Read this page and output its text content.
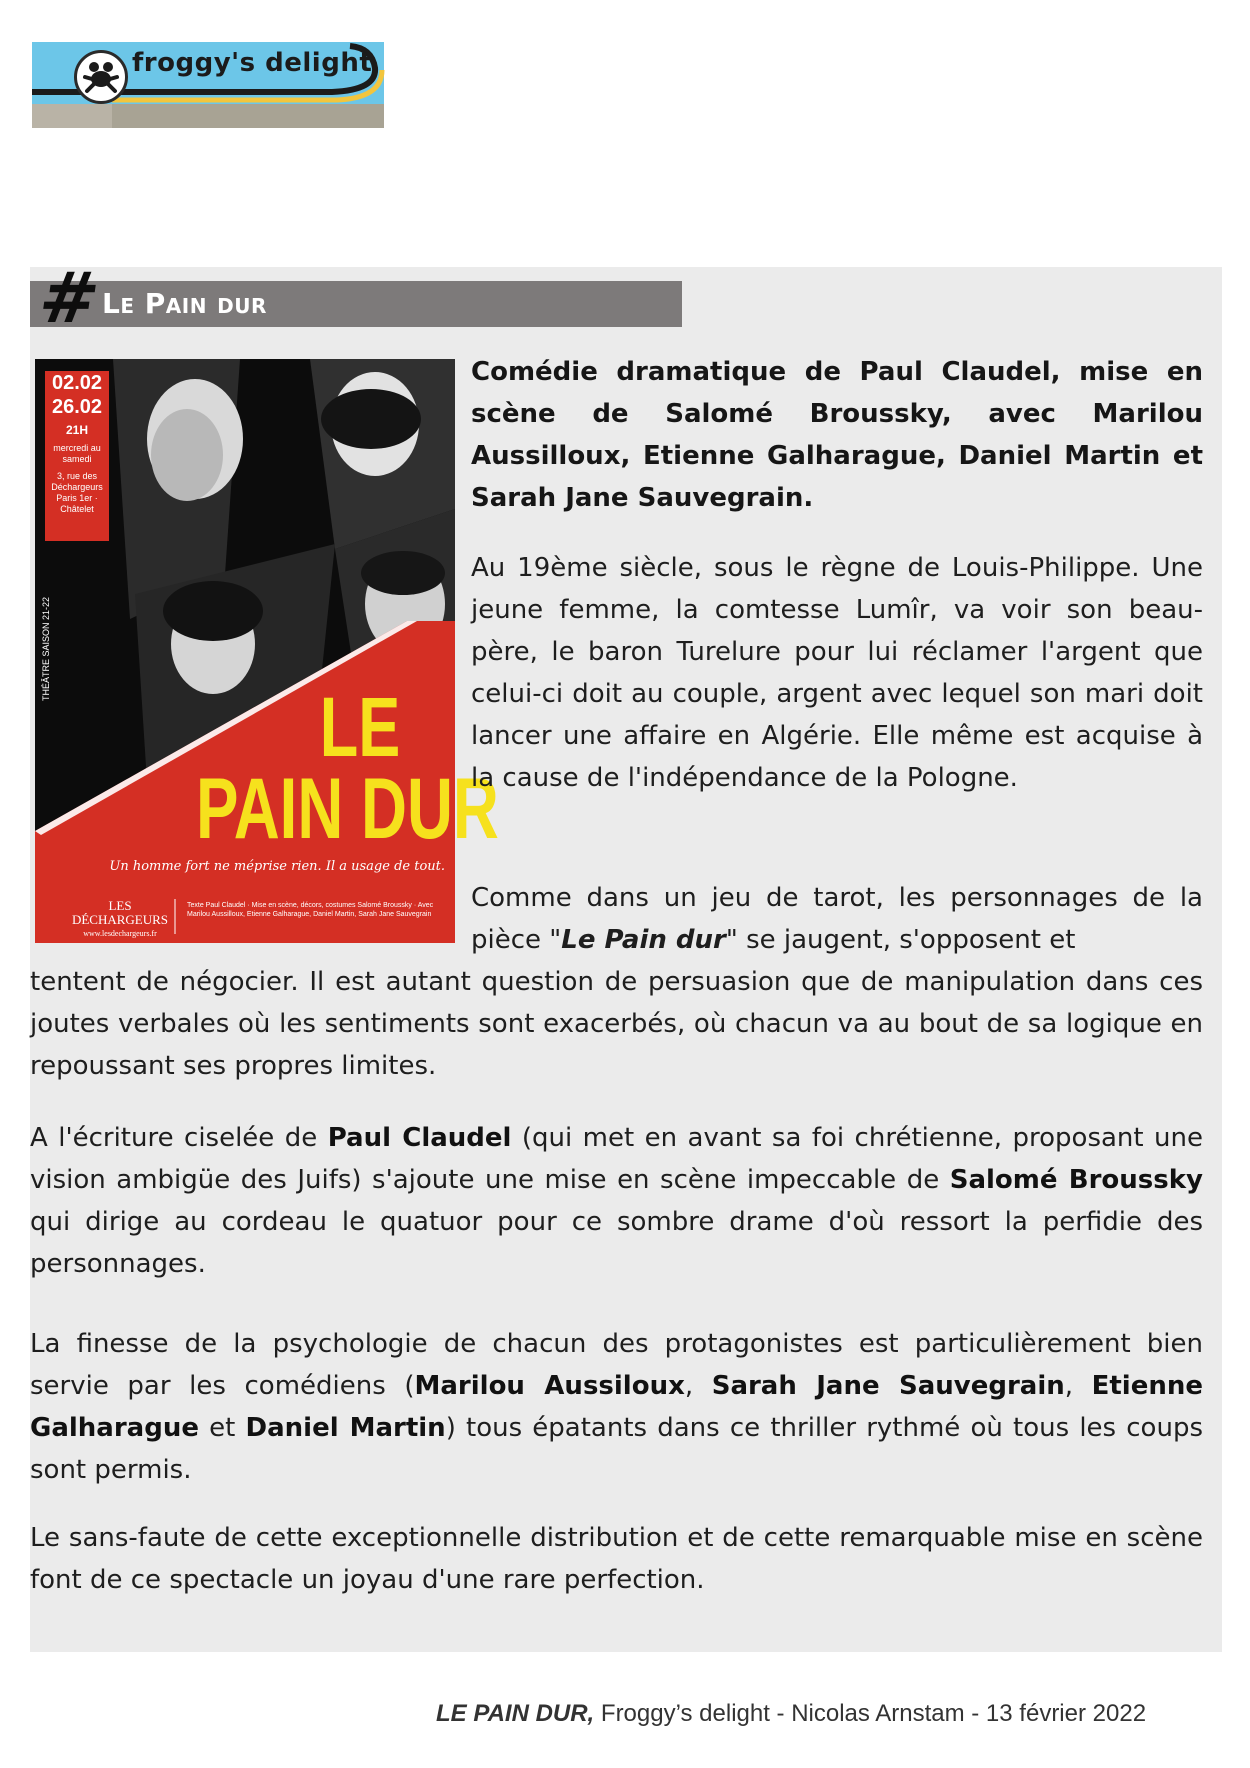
froggy's delight
Le Pain dur
#
02.02
26.02
21H
mercredi au samedi
3, rue des Déchargeurs Paris 1er · Châtelet
THÉÂTRE SAISON 21-22
LE
PAIN DUR
Un homme fort ne méprise rien. Il a usage de tout.
LES DÉCHARGEURS
www.lesdechargeurs.fr
Texte Paul Claudel · Mise en scène, décors, costumes Salomé Broussky · Avec Marilou Aussilloux, Etienne Galharague, Daniel Martin, Sarah Jane Sauvegrain

Comédie dramatique de Paul Claudel, mise en scène de Salomé Broussky, avec Marilou Aussilloux, Etienne Galharague, Daniel Martin et Sarah Jane Sauvegrain.

Au 19ème siècle, sous le règne de Louis-Philippe. Une jeune femme, la comtesse Lumîr, va voir son beau-père, le baron Turelure pour lui réclamer l'argent que celui-ci doit au couple, argent avec lequel son mari doit lancer une affaire en Algérie. Elle même est acquise à la cause de l'indépendance de la Pologne.

Comme dans un jeu de tarot, les personnages de la pièce "Le Pain dur" se jaugent, s'opposent et

tentent de négocier. Il est autant question de persuasion que de manipulation dans ces joutes verbales où les sentiments sont exacerbés, où chacun va au bout de sa logique en repoussant ses propres limites.

A l'écriture ciselée de Paul Claudel (qui met en avant sa foi chrétienne, proposant une vision ambigüe des Juifs) s'ajoute une mise en scène impeccable de Salomé Broussky qui dirige au cordeau le quatuor pour ce sombre drame d'où ressort la perfidie des personnages.

La finesse de la psychologie de chacun des protagonistes est particulièrement bien servie par les comédiens (Marilou Aussiloux, Sarah Jane Sauvegrain, Etienne Galharague et Daniel Martin) tous épatants dans ce thriller rythmé où tous les coups sont permis.

Le sans-faute de cette exceptionnelle distribution et de cette remarquable mise en scène font de ce spectacle un joyau d'une rare perfection.

LE PAIN DUR, Froggy’s delight - Nicolas Arnstam - 13 février 2022
